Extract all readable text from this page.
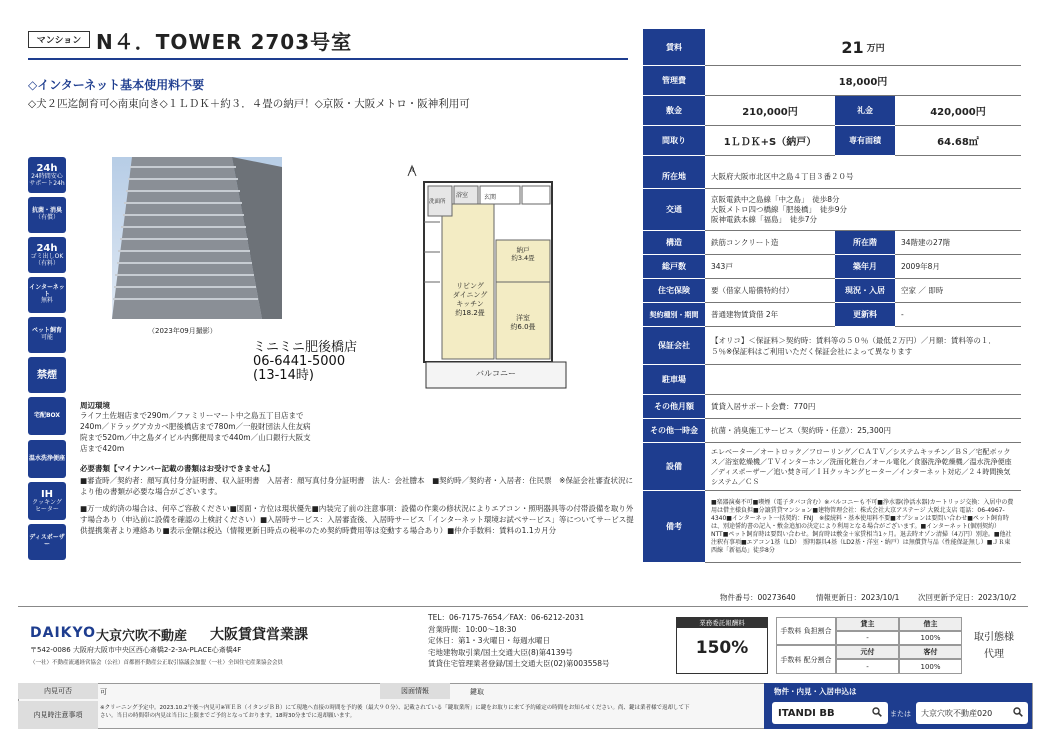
マンション N４．TOWER 2703号室
◇インターネット基本使用料不要
◇犬２匹迄飼育可◇南東向き◇１ＬＤＫ＋約３．４畳の納戸！◇京阪・大阪メトロ・阪神利用可
24h
24時間安心
サポート24h
抗菌・消臭
（有償）
24h
ゴミ出しOK
（有料）
インターネット
無料
ペット飼育
可能
禁煙
宅配BOX
温水洗浄便座
IH
クッキング
ヒーター
ディスポーザー
（2023年09月撮影）
ミニミニ肥後橋店
06-6441-5000
(13-14時)
N
リビング
ダイニング
キッチン
約18.2畳
洋室
約6.0畳
納戸
約3.4畳
バルコニー
玄関
浴室
洗面所
周辺環境
ライフ土佐堀店まで290m／ファミリーマート中之島五丁目店まで240m／ドラッグアカカベ肥後橋店まで780m／一般財団法人住友病院まで520m／中之島ダイビル内郵便局まで440m／山口銀行大阪支店まで420m
必要書類【マイナンバー記載の書類はお受けできません】
■審査時／契約者：顔写真付身分証明書、収入証明書　入居者：顔写真付身分証明書　法人：会社謄本　■契約時／契約者・入居者：住民票　※保証会社審査状況により他の書類が必要な場合がございます。
■万一成約済の場合は、何卒ご容赦ください■図面・方位は現状優先■内装完了前の注意事項：設備の作業の修状況によりエアコン・照明器具等の付帯設備を取り外す場合あり（申込前に設備を確認の上検討ください）■入居時サービス：入居審査後、入居時サービス「インターネット環境お試べサービス」等についてサービス提供提携業者より連絡あり■表示金額は税込（情報更新日時点の税率のため契約時費用等は変動する場合あり）■仲介手数料：賃料の1.1カ月分
賃料	21 万円
管理費	18,000円
敷金	210,000円	礼金	420,000円
間取り	1ＬＤＫ+S（納戸）	専有面積	64.68㎡
所在地	大阪府大阪市北区中之島４丁目３番２０号
交通
京阪電鉄中之島線「中之島」　徒歩8分
大阪メトロ四つ橋線「肥後橋」　徒歩9分
阪神電鉄本線「福島」　徒歩7分
構造	鉄筋コンクリート造	所在階	34階建の27階
総戸数	343戸	築年月	2009年8月
住宅保険	要（借家人賠償特約付）	現況・入居	空家 ／ 即時
契約種別・期間	普通建物賃貸借 2年	更新料	-
保証会社
【オリコ】＜保証料＞契約時：賃料等の５０％（最低２万円）／月額：賃料等の１．５％※保証料はご利用いただく保証会社によって異なります
駐車場
その他月額	賃貸入居サポート会費：770円
その他一時金	抗菌・消臭施工サービス（契約時・任意）：25,300円
設備
エレベーター／オートロック／フローリング／ＣＡＴＶ／システムキッチン／ＢＳ／宅配ボックス／浴室乾燥機／ＴＶインターホン／洗面化粧台／オール電化／食器洗浄乾燥機／温水洗浄便座／ディスポーザー／追い焚き可／ＩＨクッキングヒーター／インターネット対応／２４時間換気システム／ＣＳ
備考
■楽器演奏不可■喫煙（電子タバコ含む）※バルコニーも不可■浄水器(浄活水器)カートリッジ交換：入居中の費用は借主様負担■分譲賃貸マンション■建物管理会社：株式会社大京アステージ 大阪北支店 電話：06-4967-4340■インターネット一括契約：FNJ　※接続料・基本使用料不要■オプションは要問い合わせ■ペット飼育時は、別途誓約書の記入・敷金追加の決定により利用となる場合がございます。■インターネット(個別契約）NTT■ペット飼育時は要問い合わせ。飼育時は敷金＋家賃相当1ヶ月。退去時オゾン清掃（4万円）別途。■他社注釈有事項■エアコン1基（LD）　照明器具4基（LD2基・洋室・納戸）は無償貸与品（性能保証無し）■ＪＲ東西線「新福島」徒歩8分
物件番号：00273640	情報更新日：2023/10/1 次回更新予定日：2023/10/2
DAIKYO 大京穴吹不動産 大阪賃貸営業課
〒542-0086 大阪府大阪市中央区西心斎橋2-2-3A-PLACE心斎橋4F
（一社）不動産流通経営協会（公社）首都圏不動産公正取引協議会加盟（一社）全国住宅産業協会会員
TEL：06-7175-7654／FAX：06-6212-2031
営業時間：10:00～18:30
定休日：第1・3火曜日・毎週水曜日
宅地建物取引業/国土交通大臣(8)第4139号
賃貸住宅管理業者登録/国土交通大臣(02)第003558号
業務委託報酬料
150%
手数料 負担割合
手数料 配分割合
貸主	借主
-	100%
元付	客付
-	100%
取引態様
代理
内見可否	可	図面情報	鍵取
内見時注意事項
※クリーニング予定中。2023.10.2午後～内見可※ＷＥＢ（イタンジＢＢ）にて現地へ直接の時間を予約後（最大９０分）、記載されている「鍵取業所」に鍵をお取りに来て予約確定の時間をお知らせください。尚、鍵は業者様で返却して下さい。当日の時間帯の内見は当日に上限までご予約となっております。18時30分までに返却願います。
物件・内見・入居申込は
ITANDI BB	または 大京穴吹不動産020
